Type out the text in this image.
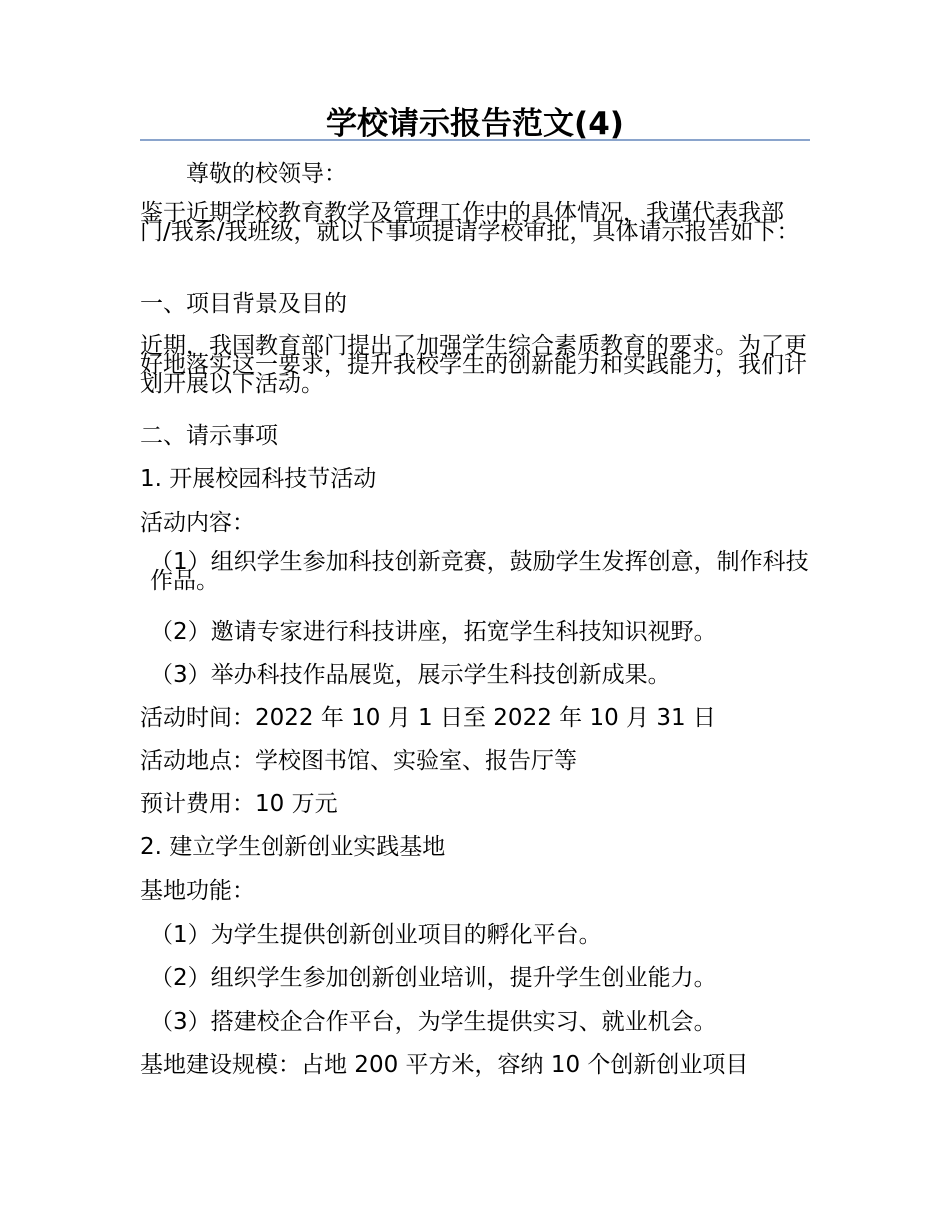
学校请示报告范文(4)
尊敬的校领导：
鉴于近期学校教育教学及管理工作中的具体情况，我谨代表我部门/我系/我班级，就以下事项提请学校审批，具体请示报告如下：
一、项目背景及目的
近期，我国教育部门提出了加强学生综合素质教育的要求。为了更好地落实这一要求，提升我校学生的创新能力和实践能力，我们计划开展以下活动。
二、请示事项
1. 开展校园科技节活动
活动内容：
（1）组织学生参加科技创新竞赛，鼓励学生发挥创意，制作科技作品。
（2）邀请专家进行科技讲座，拓宽学生科技知识视野。
（3）举办科技作品展览，展示学生科技创新成果。
活动时间：2022 年 10 月 1 日至 2022 年 10 月 31 日
活动地点：学校图书馆、实验室、报告厅等
预计费用：10 万元
2. 建立学生创新创业实践基地
基地功能：
（1）为学生提供创新创业项目的孵化平台。
（2）组织学生参加创新创业培训，提升学生创业能力。
（3）搭建校企合作平台，为学生提供实习、就业机会。
基地建设规模：占地 200 平方米，容纳 10 个创新创业项目
